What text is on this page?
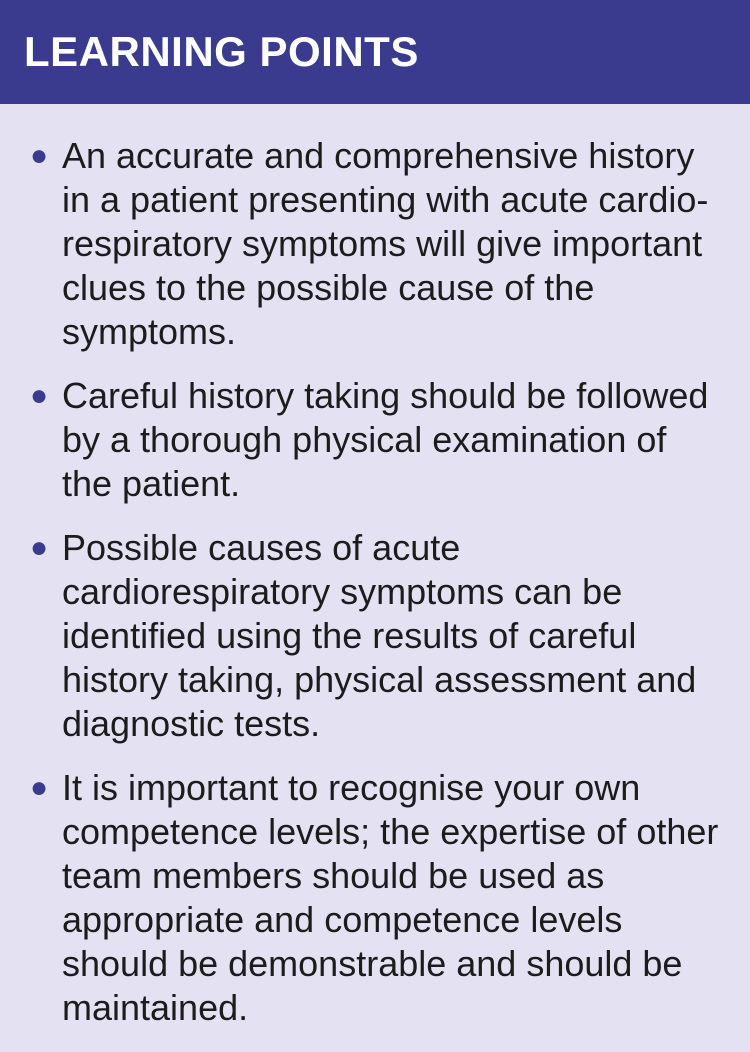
LEARNING POINTS
● An accurate and comprehensive history in a patient presenting with acute cardio-respiratory symptoms will give important clues to the possible cause of the symptoms.
● Careful history taking should be followed by a thorough physical examination of the patient.
● Possible causes of acute cardiorespiratory symptoms can be identified using the results of careful history taking, physical assessment and diagnostic tests.
● It is important to recognise your own competence levels; the expertise of other team members should be used as appropriate and competence levels should be demonstrable and should be maintained.
